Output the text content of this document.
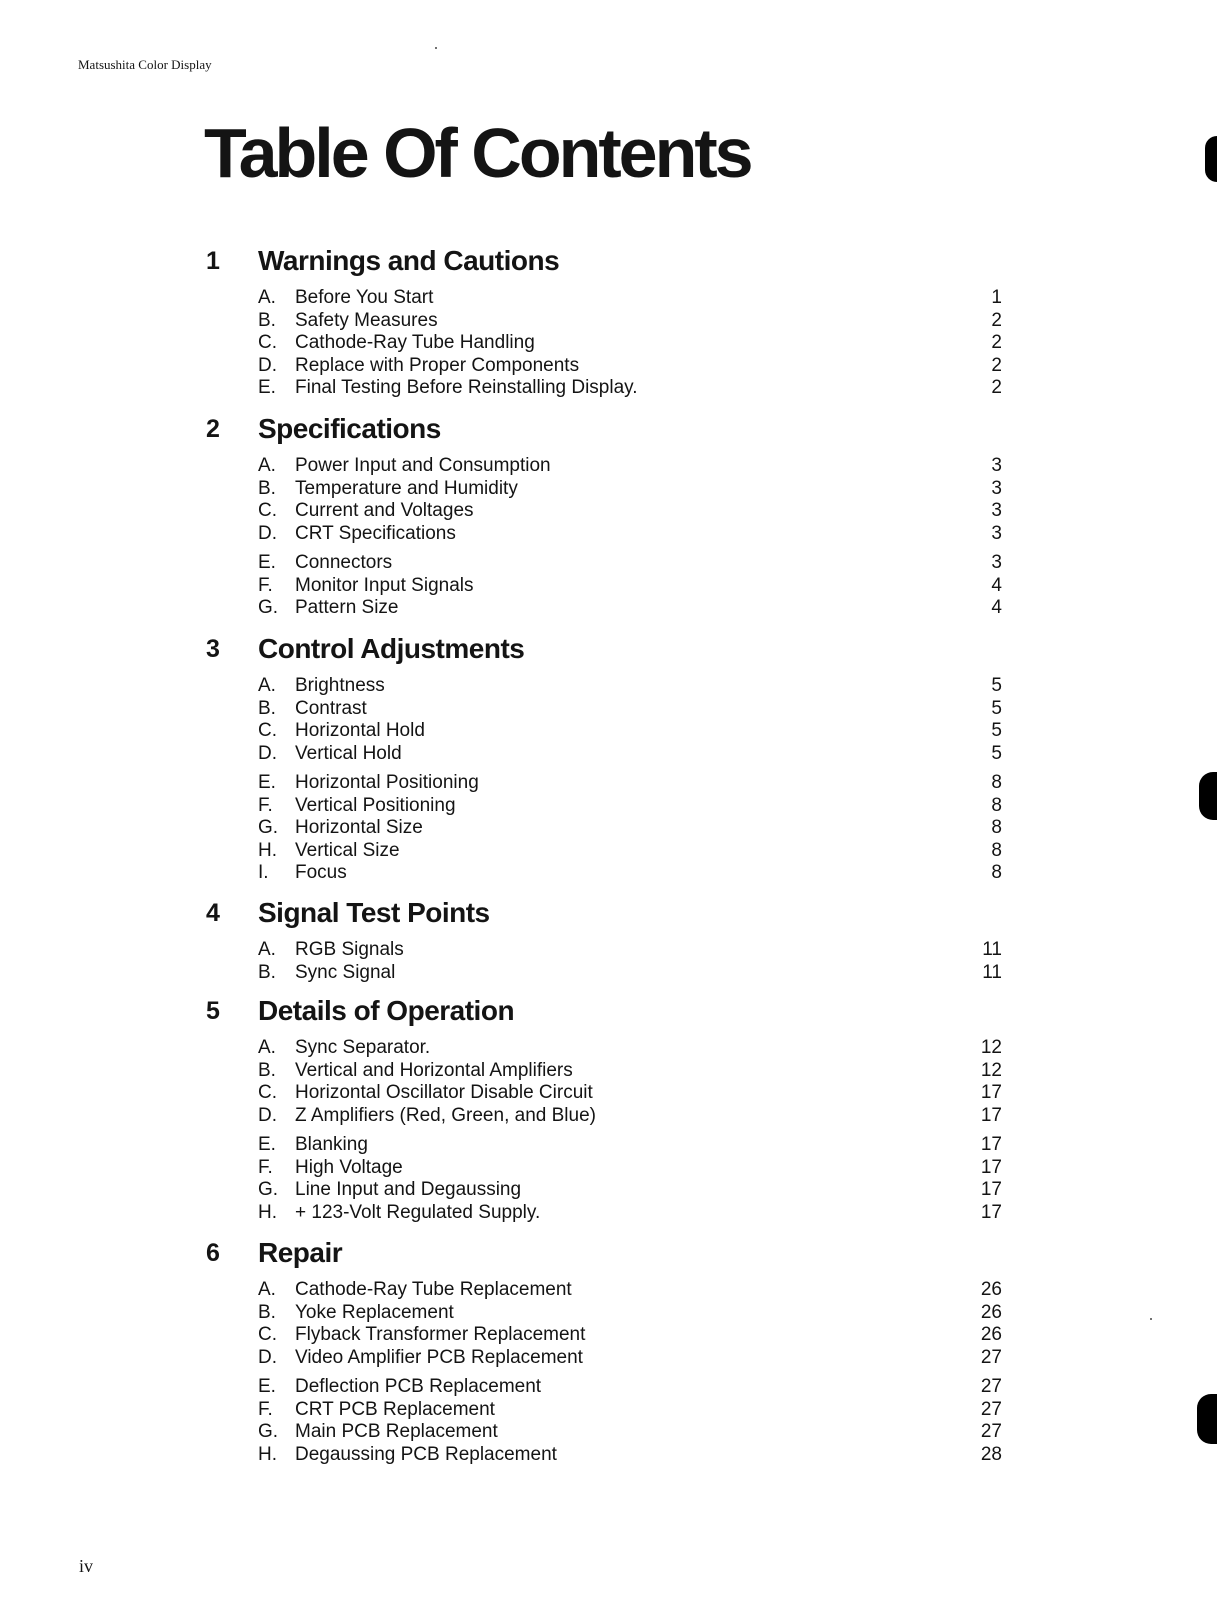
Matsushita Color Display
Table Of Contents
1 Warnings and Cautions
A.	Before You Start . . .	1
B.	Safety Measures . . .	2
C. Cathode-Ray Tube Handling . . .	2
D. Replace with Proper Components . . .	2
E.	Final Testing Before Reinstalling Display. . . .	2
2 Specifications
A.	Power Input and Consumption . . .	3
B.	Temperature and Humidity . . .	3
C. Current and Voltages . . .	3
D. CRT Specifications . . .	3
E.	Connectors . . .	3
F.	Monitor Input Signals . . .	4
G. Pattern Size . . .	4
3 Control Adjustments
A.	Brightness . . .	5
B.	Contrast . . .	5
C. Horizontal Hold . . .	5
D. Vertical Hold . . .	5
E.	Horizontal Positioning . . .	8
F.	Vertical Positioning . . .	8
G. Horizontal Size . . .	8
H. Vertical Size . . .	8
I.	Focus . . .	8
4 Signal Test Points
A.	RGB Signals . . .	11
B.	Sync Signal . . .	11
5 Details of Operation
A.	Sync Separator. . . .	12
B.	Vertical and Horizontal Amplifiers . . .	12
C. Horizontal Oscillator Disable Circuit . . .	17
D. Z Amplifiers (Red, Green, and Blue) . . .	17
E.	Blanking . . .	17
F.	High Voltage . . .	17
G. Line Input and Degaussing . . .	17
H. + 123-Volt Regulated Supply. . . .	17
6 Repair
A.	Cathode-Ray Tube Replacement . . .	26
B.	Yoke Replacement . . .	26
C. Flyback Transformer Replacement . . .	26
D. Video Amplifier PCB Replacement . . .	27
E.	Deflection PCB Replacement . . .	27
F.	CRT PCB Replacement . . .	27
G. Main PCB Replacement . . .	27
H. Degaussing PCB Replacement . . .	28
iv
